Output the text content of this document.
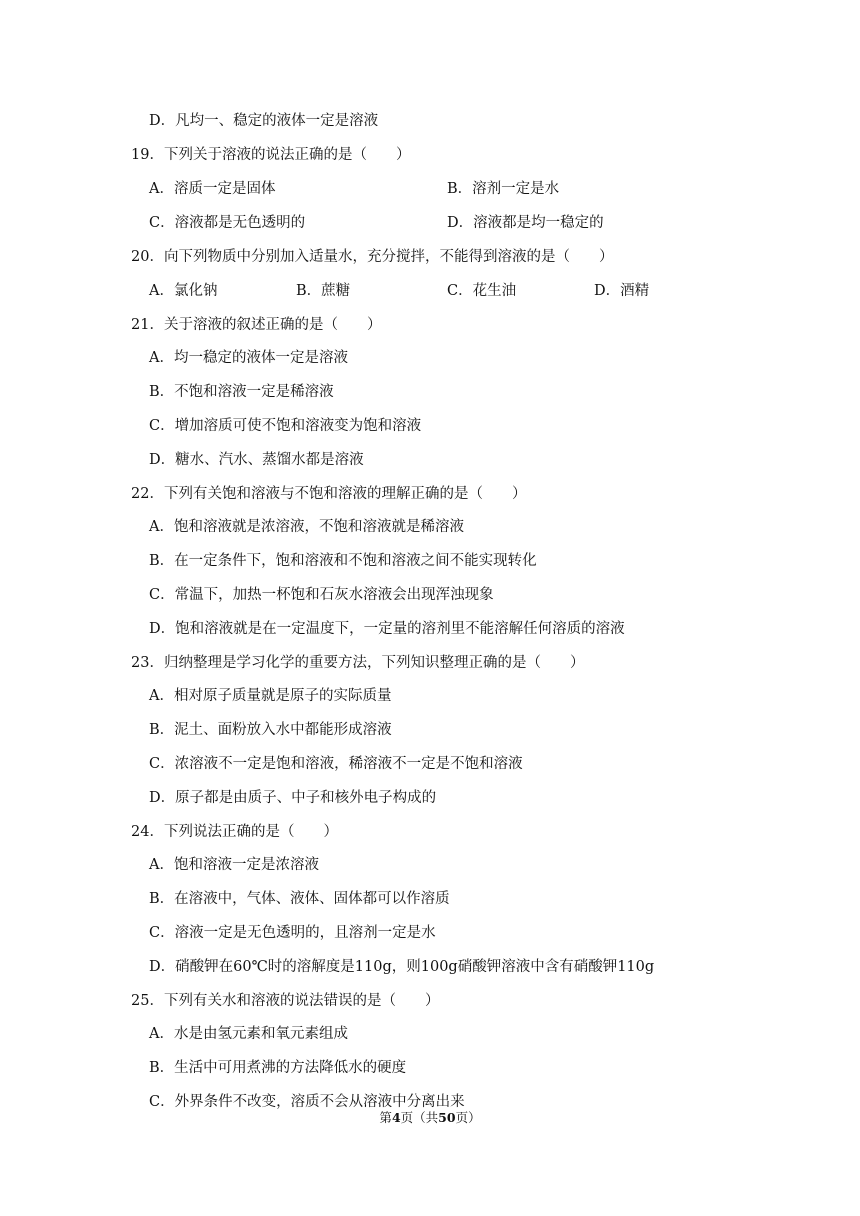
D．凡均一、稳定的液体一定是溶液
19．下列关于溶液的说法正确的是（　　）
A．溶质一定是固体	B．溶剂一定是水
C．溶液都是无色透明的	D．溶液都是均一稳定的
20．向下列物质中分别加入适量水，充分搅拌，不能得到溶液的是（　　）
A．氯化钠	B．蔗糖	C．花生油	D．酒精
21．关于溶液的叙述正确的是（　　）
A．均一稳定的液体一定是溶液
B．不饱和溶液一定是稀溶液
C．增加溶质可使不饱和溶液变为饱和溶液
D．糖水、汽水、蒸馏水都是溶液
22．下列有关饱和溶液与不饱和溶液的理解正确的是（　　）
A．饱和溶液就是浓溶液，不饱和溶液就是稀溶液
B．在一定条件下，饱和溶液和不饱和溶液之间不能实现转化
C．常温下，加热一杯饱和石灰水溶液会出现浑浊现象
D．饱和溶液就是在一定温度下，一定量的溶剂里不能溶解任何溶质的溶液
23．归纳整理是学习化学的重要方法，下列知识整理正确的是（　　）
A．相对原子质量就是原子的实际质量
B．泥土、面粉放入水中都能形成溶液
C．浓溶液不一定是饱和溶液，稀溶液不一定是不饱和溶液
D．原子都是由质子、中子和核外电子构成的
24．下列说法正确的是（　　）
A．饱和溶液一定是浓溶液
B．在溶液中，气体、液体、固体都可以作溶质
C．溶液一定是无色透明的，且溶剂一定是水
D．硝酸钾在60℃时的溶解度是110g，则100g硝酸钾溶液中含有硝酸钾110g
25．下列有关水和溶液的说法错误的是（　　）
A．水是由氢元素和氧元素组成
B．生活中可用煮沸的方法降低水的硬度
C．外界条件不改变，溶质不会从溶液中分离出来
第4页（共50页）
